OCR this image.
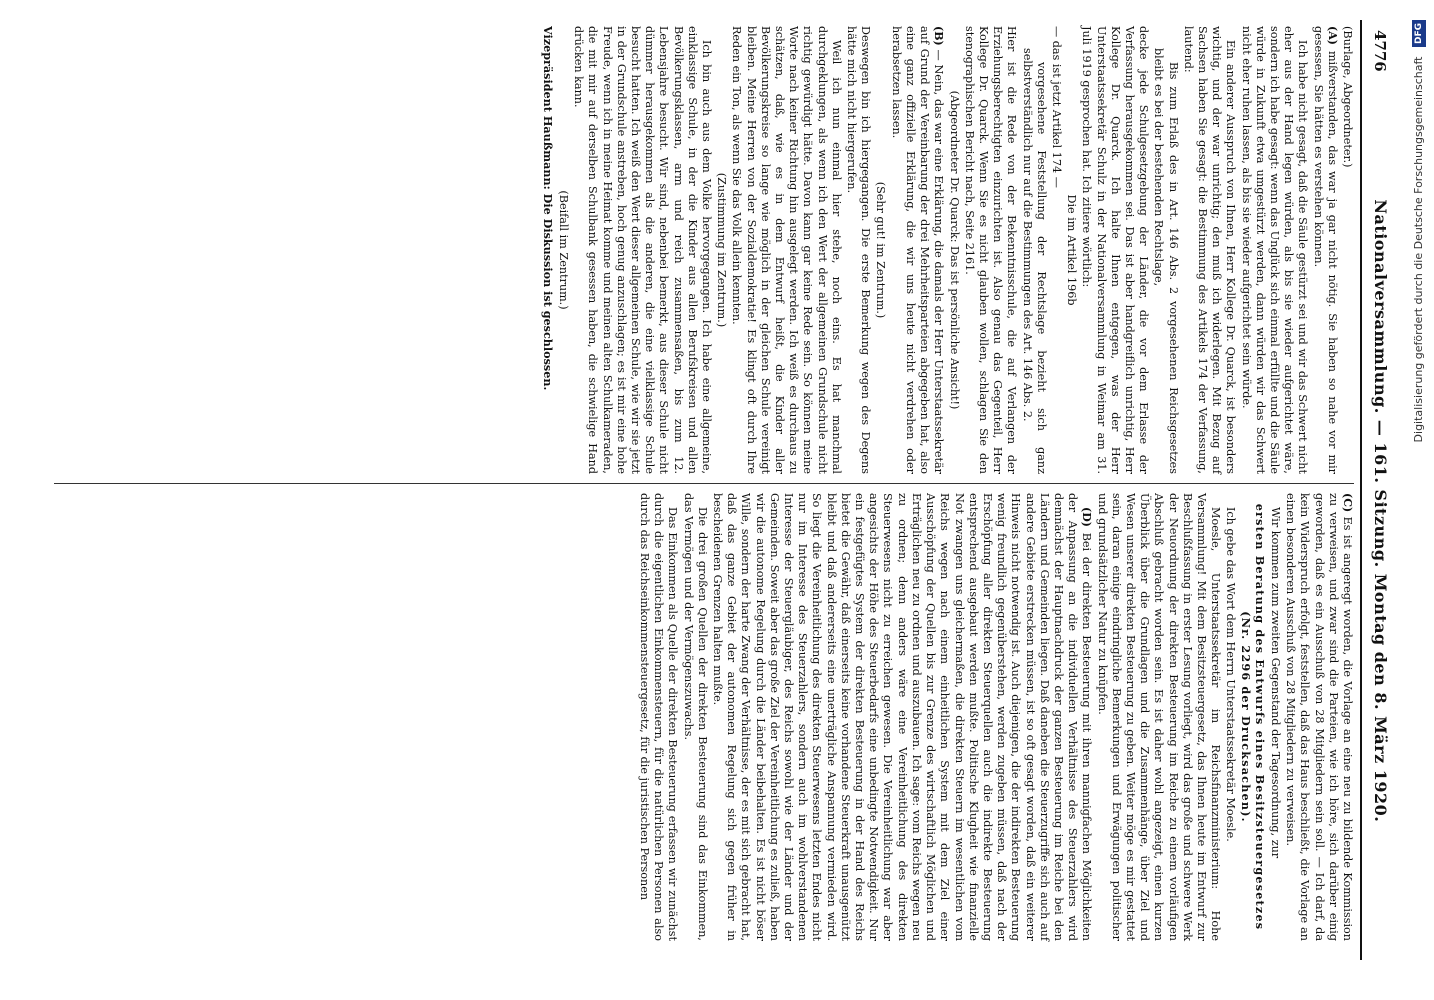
4776
Nationalversammlung. — 161. Sitzung. Montag den 8. März 1920.

(Burlage, Abgeordneter.)

(A) mißverstanden, das war ja gar nicht nötig. Sie haben so nahe vor mir gesessen, Sie hätten es verstehen können.

Ich habe nicht gesagt, daß die Säule gestürzt sei und wir das Schwert nicht eher aus der Hand legen würden, als bis sie wieder aufgerichtet wäre, sondern ich habe gesagt: wenn das Unglück sich einmal erfüllte und die Säule würde in Zukunft etwa umgestürzt werden, dann würden wir das Schwert nicht eher ruhen lassen, als bis sie wieder aufgerichtet sein würde.

Ein anderer Ausspruch von Ihnen, Herr Kollege Dr. Quarck, ist besonders wichtig, und der war unrichtig; den muß ich widerlegen. Mit Bezug auf Sachsen haben Sie gesagt: die Bestimmung des Artikels 174 der Verfassung, lautend:

Bis zum Erlaß des in Art. 146 Abs. 2 vorgesehenen Reichsgesetzes bleibt es bei der bestehenden Rechtslage,

decke jede Schulgesetzgebung der Länder, die vor dem Erlasse der Verfassung herausgekommen sei. Das ist aber handgreiflich unrichtig, Herr Kollege Dr. Quarck. Ich halte Ihnen entgegen, was der Herr Unterstaatssekretär Schulz in der Nationalversammlung in Weimar am 31. Juli 1919 gesprochen hat. Ich zitiere wörtlich:

Die im Artikel 196b

— das ist jetzt Artikel 174 —

vorgesehene Feststellung der Rechtslage bezieht sich ganz selbstverständlich nur auf die Bestimmungen des Art. 146 Abs. 2.

Hier ist die Rede von der Bekenntnisschule, die auf Verlangen der Erziehungsberechtigten einzurichten ist. Also genau das Gegenteil, Herr Kollege Dr. Quarck. Wenn Sie es nicht glauben wollen, schlagen Sie den stenographischen Bericht nach, Seite 2161.

(Abgeordneter Dr. Quarck: Das ist persönliche Ansicht!)

(B) — Nein, das war eine Erklärung, die damals der Herr Unterstaatssekretär auf Grund der Vereinbarung der drei Mehrheitsparteien abgegeben hat, also eine ganz offizielle Erklärung, die wir uns heute nicht verdrehen oder herabsetzen lassen.

(Sehr gut! im Zentrum.)

Deswegen bin ich hiergegangen. Die erste Bemerkung wegen des Degens hätte mich nicht hiergerufen.

Weil ich nun einmal hier stehe, noch eins. Es hat manchmal durchgeklungen, als wenn ich den Wert der allgemeinen Grundschule nicht richtig gewürdigt hätte. Davon kann gar keine Rede sein. So können meine Worte nach keiner Richtung hin ausgelegt werden. Ich weiß es durchaus zu schätzen, daß, wie es in dem Entwurf heißt, die Kinder aller Bevölkerungskreise so lange wie möglich in der gleichen Schule vereinigt bleiben. Meine Herren von der Sozialdemokratie! Es klingt oft durch Ihre Reden ein Ton, als wenn Sie das Volk allein kennten.

(Zustimmung im Zentrum.)

Ich bin auch aus dem Volke hervorgegangen. Ich habe eine allgemeine, einklassige Schule, in der die Kinder aus allen Berufskreisen und allen Bevölkerungsklassen, arm und reich zusammensaßen, bis zum 12. Lebensjahre besucht. Wir sind, nebenbei bemerkt, aus dieser Schule nicht dümmer herausgekommen als die anderen, die eine vielklassige Schule besucht hatten. Ich weiß den Wert dieser allgemeinen Schule, wie wir sie jetzt in der Grundschule anstreben, hoch genug anzuschlagen; es ist mir eine hohe Freude, wenn ich in meine Heimat komme und meinen alten Schulkameraden, die mit mir auf derselben Schulbank gesessen haben, die schwielige Hand drücken kann.

(Beifall im Zentrum.)

Vizepräsident Haußmann: Die Diskussion ist geschlossen.

(C) Es ist angeregt worden, die Vorlage an eine neu zu bildende Kommission zu verweisen, und zwar sind die Parteien, wie ich höre, sich darüber einig geworden, daß es ein Ausschuß von 28 Mitgliedern sein soll. — Ich darf, da kein Widerspruch erfolgt, feststellen, daß das Haus beschließt, die Vorlage an einen besonderen Ausschuß von 28 Mitgliedern zu verweisen.

Wir kommen zum zweiten Gegenstand der Tagesordnung, zur

ersten Beratung des Entwurfs eines Besitzsteuergesetzes (Nr. 2296 der Drucksachen).

Ich gebe das Wort dem Herrn Unterstaatssekretär Moesle.

Moesle, Unterstaatssekretär im Reichsfinanzministerium: Hohe Versammlung! Mit dem Besitzsteuergesetz, das Ihnen heute im Entwurf zur Beschlußfassung in erster Lesung vorliegt, wird das große und schwere Werk der Neuordnung der direkten Besteuerung im Reiche zu einem vorläufigen Abschluß gebracht worden sein. Es ist daher wohl angezeigt, einen kurzen Überblick über die Grundlagen und die Zusammenhänge, über Ziel und Wesen unserer direkten Besteuerung zu geben. Weiter möge es mir gestattet sein, daran einige eindringliche Bemerkungen und Erwägungen politischer und grundsätzlicher Natur zu knüpfen.

(D) Bei der direkten Besteuerung mit ihren mannigfachen Möglichkeiten der Anpassung an die individuellen Verhältnisse des Steuerzahlers wird demnächst der Hauptnachdruck der ganzen Besteuerung im Reiche bei den Ländern und Gemeinden liegen. Daß daneben die Steuerzugriffe sich auch auf andere Gebiete erstrecken müssen, ist so oft gesagt worden, daß ein weiterer Hinweis nicht notwendig ist. Auch diejenigen, die der indirekten Besteuerung wenig freundlich gegenüberstehen, werden zugeben müssen, daß nach der Erschöpfung aller direkten Steuerquellen auch die indirekte Besteuerung entsprechend ausgebaut werden mußte. Politische Klugheit wie finanzielle Not zwangen uns gleichermaßen, die direkten Steuern im wesentlichen vom Reichs wegen nach einem einheitlichen System mit dem Ziel einer Ausschöpfung der Quellen bis zur Grenze des wirtschaftlich Möglichen und Erträglichen neu zu ordnen und auszubauen. Ich sage: vom Reichs wegen neu zu ordnen; denn anders wäre eine Vereinheitlichung des direkten Steuerwesens nicht zu erreichen gewesen. Die Vereinheitlichung war aber angesichts der Höhe des Steuerbedarfs eine unbedingte Notwendigkeit. Nur ein festgefügtes System der direkten Besteuerung in der Hand des Reichs bietet die Gewähr, daß einerseits keine vorhandene Steuerkraft unausgenützt bleibt und daß andererseits eine unerträgliche Anspannung vermieden wird. So liegt die Vereinheitlichung des direkten Steuerwesens letzten Endes nicht nur im Interesse des Steuerzahlers, sondern auch im wohlverstandenen Interesse der Steuergläubiger, des Reichs sowohl wie der Länder und der Gemeinden. Soweit aber das große Ziel der Vereinheitlichung es zuließ, haben wir die autonome Regelung durch die Länder beibehalten. Es ist nicht böser Wille, sondern der harte Zwang der Verhältnisse, der es mit sich gebracht hat, daß das ganze Gebiet der autonomen Regelung sich gegen früher in bescheidenen Grenzen halten mußte.

Die drei großen Quellen der direkten Besteuerung sind das Einkommen, das Vermögen und der Vermögenszuwachs.

Das Einkommen als Quelle der direkten Besteuerung erfassen wir zunächst durch die eigentlichen Einkommensteuern, für die natürlichen Personen also durch das Reichseinkommensteuergesetz, für die juristischen Personen

Digitalisierung gefördert durch die Deutsche Forschungsgemeinschaft DFG
